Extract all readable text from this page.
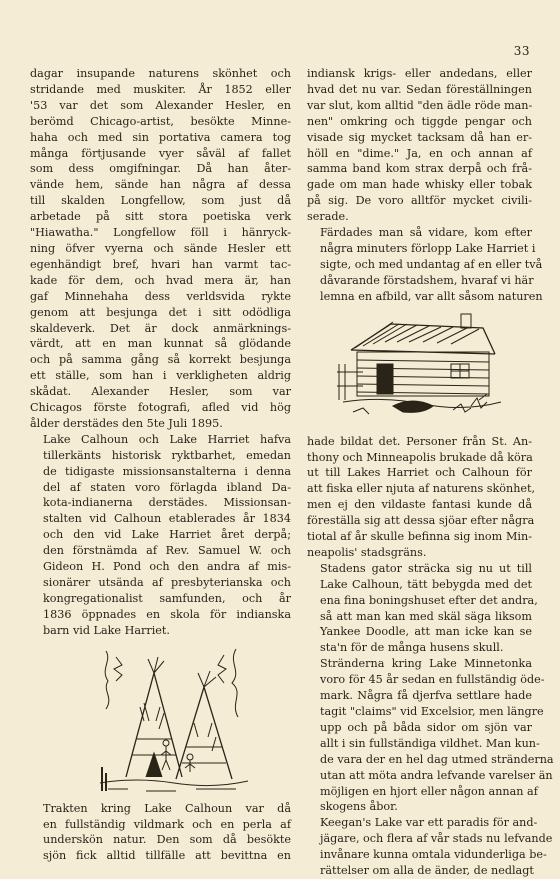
33

dagar insupande naturens skönhet och
stridande med muskiter. År 1852 eller
'53 var det som Alexander Hesler, en
berömd Chicago-artist, besökte Minne-
haha och med sin portativa camera tog
många förtjusande vyer såväl af fallet
som dess omgifningar. Då han åter-
vände hem, sände han några af dessa
till skalden Longfellow, som just då
arbetade på sitt stora poetiska verk
"Hiawatha." Longfellow föll i hänryck-
ning öfver vyerna och sände Hesler ett
egenhändigt bref, hvari han varmt tac-
kade för dem, och hvad mera är, han
gaf Minnehaha dess verldsvida rykte
genom att besjunga det i sitt odödliga
skaldeverk. Det är dock anmärknings-
värdt, att en man kunnat så glödande
och på samma gång så korrekt besjunga
ett ställe, som han i verkligheten aldrig
skådat. Alexander Hesler, som var
Chicagos förste fotografi, afled vid hög
ålder derstädes den 5te Juli 1895.

Lake Calhoun och Lake Harriet hafva
tillerkänts historisk ryktbarhet, emedan
de tidigaste missionsanstalterna i denna
del af staten voro förlagda ibland Da-
kota-indianerna derstädes. Missionsan-
stalten vid Calhoun etablerades år 1834
och den vid Lake Harriet året derpå;
den förstnämda af Rev. Samuel W. och
Gideon H. Pond och den andra af mis-
sionärer utsända af presbyterianska och
kongregationalist samfunden, och år
1836 öppnades en skola för indianska
barn vid Lake Harriet.

Trakten kring Lake Calhoun var då
en fullständig vildmark och en perla af
underskön natur. Den som då besökte
sjön fick alltid tillfälle att bevittna en

indiansk krigs- eller andedans, eller
hvad det nu var. Sedan föreställningen
var slut, kom alltid "den ädle röde man-
nen" omkring och tiggde pengar och
visade sig mycket tacksam då han er-
höll en "dime." Ja, en och annan af
samma band kom strax derpå och frå-
gade om man hade whisky eller tobak
på sig. De voro alltför mycket civili-
serade.

Färdades man så vidare, kom efter
några minuters förlopp Lake Harriet i
sigte, och med undantag af en eller två
dåvarande förstadshem, hvaraf vi här
lemna en afbild, var allt såsom naturen

hade bildat det. Personer från St. An-
thony och Minneapolis brukade då köra
ut till Lakes Harriet och Calhoun för
att fiska eller njuta af naturens skönhet,
men ej den vildaste fantasi kunde då
föreställa sig att dessa sjöar efter några
tiotal af år skulle befinna sig inom Min-
neapolis' stadsgräns.

Stadens gator sträcka sig nu ut till
Lake Calhoun, tätt bebygda med det
ena fina boningshuset efter det andra,
så att man kan med skäl säga liksom
Yankee Doodle, att man icke kan se
sta'n för de många husens skull.

Stränderna kring Lake Minnetonka
voro för 45 år sedan en fullständig öde-
mark. Några få djerfva settlare hade
tagit "claims" vid Excelsior, men längre
upp och på båda sidor om sjön var
allt i sin fullständiga vildhet. Man kun-
de vara der en hel dag utmed stränderna
utan att möta andra lefvande varelser än
möjligen en hjort eller någon annan af
skogens åbor.

Keegan's Lake var ett paradis för and-
jägare, och flera af vår stads nu lefvande
invånare kunna omtala vidunderliga be-
rättelser om alla de änder, de nedlagt
